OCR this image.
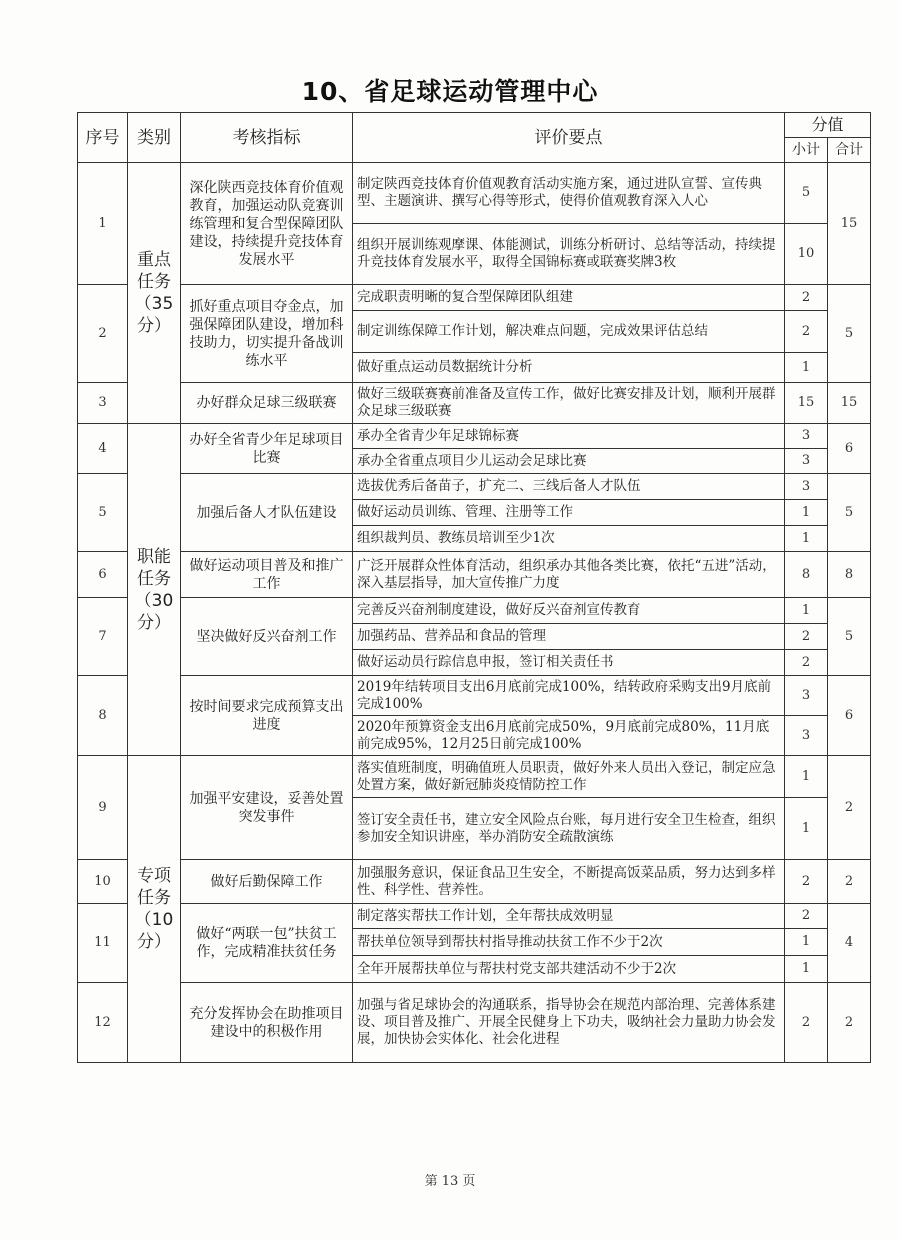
10、省足球运动管理中心
序号	类别	考核指标	评价要点	分值	
				小计	合计
1	重点任务（35分）	深化陕西竞技体育价值观教育，加强运动队竞赛训练管理和复合型保障团队建设，持续提升竞技体育发展水平	制定陕西竞技体育价值观教育活动实施方案，通过进队宣誓、宣传典型、主题演讲、撰写心得等形式，使得价值观教育深入人心	5	15
			组织开展训练观摩课、体能测试，训练分析研讨、总结等活动，持续提升竞技体育发展水平，取得全国锦标赛或联赛奖牌3枚	10	
2		抓好重点项目夺金点，加强保障团队建设，增加科技助力，切实提升备战训练水平	完成职责明晰的复合型保障团队组建	2	5
			制定训练保障工作计划，解决难点问题，完成效果评估总结	2	
			做好重点运动员数据统计分析	1	
3		办好群众足球三级联赛	做好三级联赛赛前准备及宣传工作，做好比赛安排及计划，顺利开展群众足球三级联赛	15	15
4	职能任务（30分）	办好全省青少年足球项目比赛	承办全省青少年足球锦标赛	3	6
			承办全省重点项目少儿运动会足球比赛	3	
5		加强后备人才队伍建设	选拔优秀后备苗子，扩充二、三线后备人才队伍	3	5
			做好运动员训练、管理、注册等工作	1	
			组织裁判员、教练员培训至少1次	1	
6		做好运动项目普及和推广工作	广泛开展群众性体育活动，组织承办其他各类比赛，依托“五进”活动，深入基层指导，加大宣传推广力度	8	8
7		坚决做好反兴奋剂工作	完善反兴奋剂制度建设，做好反兴奋剂宣传教育	1	5
			加强药品、营养品和食品的管理	2	
			做好运动员行踪信息申报，签订相关责任书	2	
8		按时间要求完成预算支出进度	2019年结转项目支出6月底前完成100%，结转政府采购支出9月底前完成100%	3	6
			2020年预算资金支出6月底前完成50%，9月底前完成80%，11月底前完成95%，12月25日前完成100%	3	
9	专项任务（10分）	加强平安建设，妥善处置突发事件	落实值班制度，明确值班人员职责，做好外来人员出入登记，制定应急处置方案，做好新冠肺炎疫情防控工作	1	2
			签订安全责任书，建立安全风险点台账，每月进行安全卫生检查，组织参加安全知识讲座，举办消防安全疏散演练	1	
10		做好后勤保障工作	加强服务意识，保证食品卫生安全，不断提高饭菜品质，努力达到多样性、科学性、营养性。	2	2
11		做好“两联一包”扶贫工作，完成精准扶贫任务	制定落实帮扶工作计划，全年帮扶成效明显	2	4
			帮扶单位领导到帮扶村指导推动扶贫工作不少于2次	1	
			全年开展帮扶单位与帮扶村党支部共建活动不少于2次	1	
12		充分发挥协会在助推项目建设中的积极作用	加强与省足球协会的沟通联系，指导协会在规范内部治理、完善体系建设、项目普及推广、开展全民健身上下功夫，吸纳社会力量助力协会发展，加快协会实体化、社会化进程	2	2
第 13 页
